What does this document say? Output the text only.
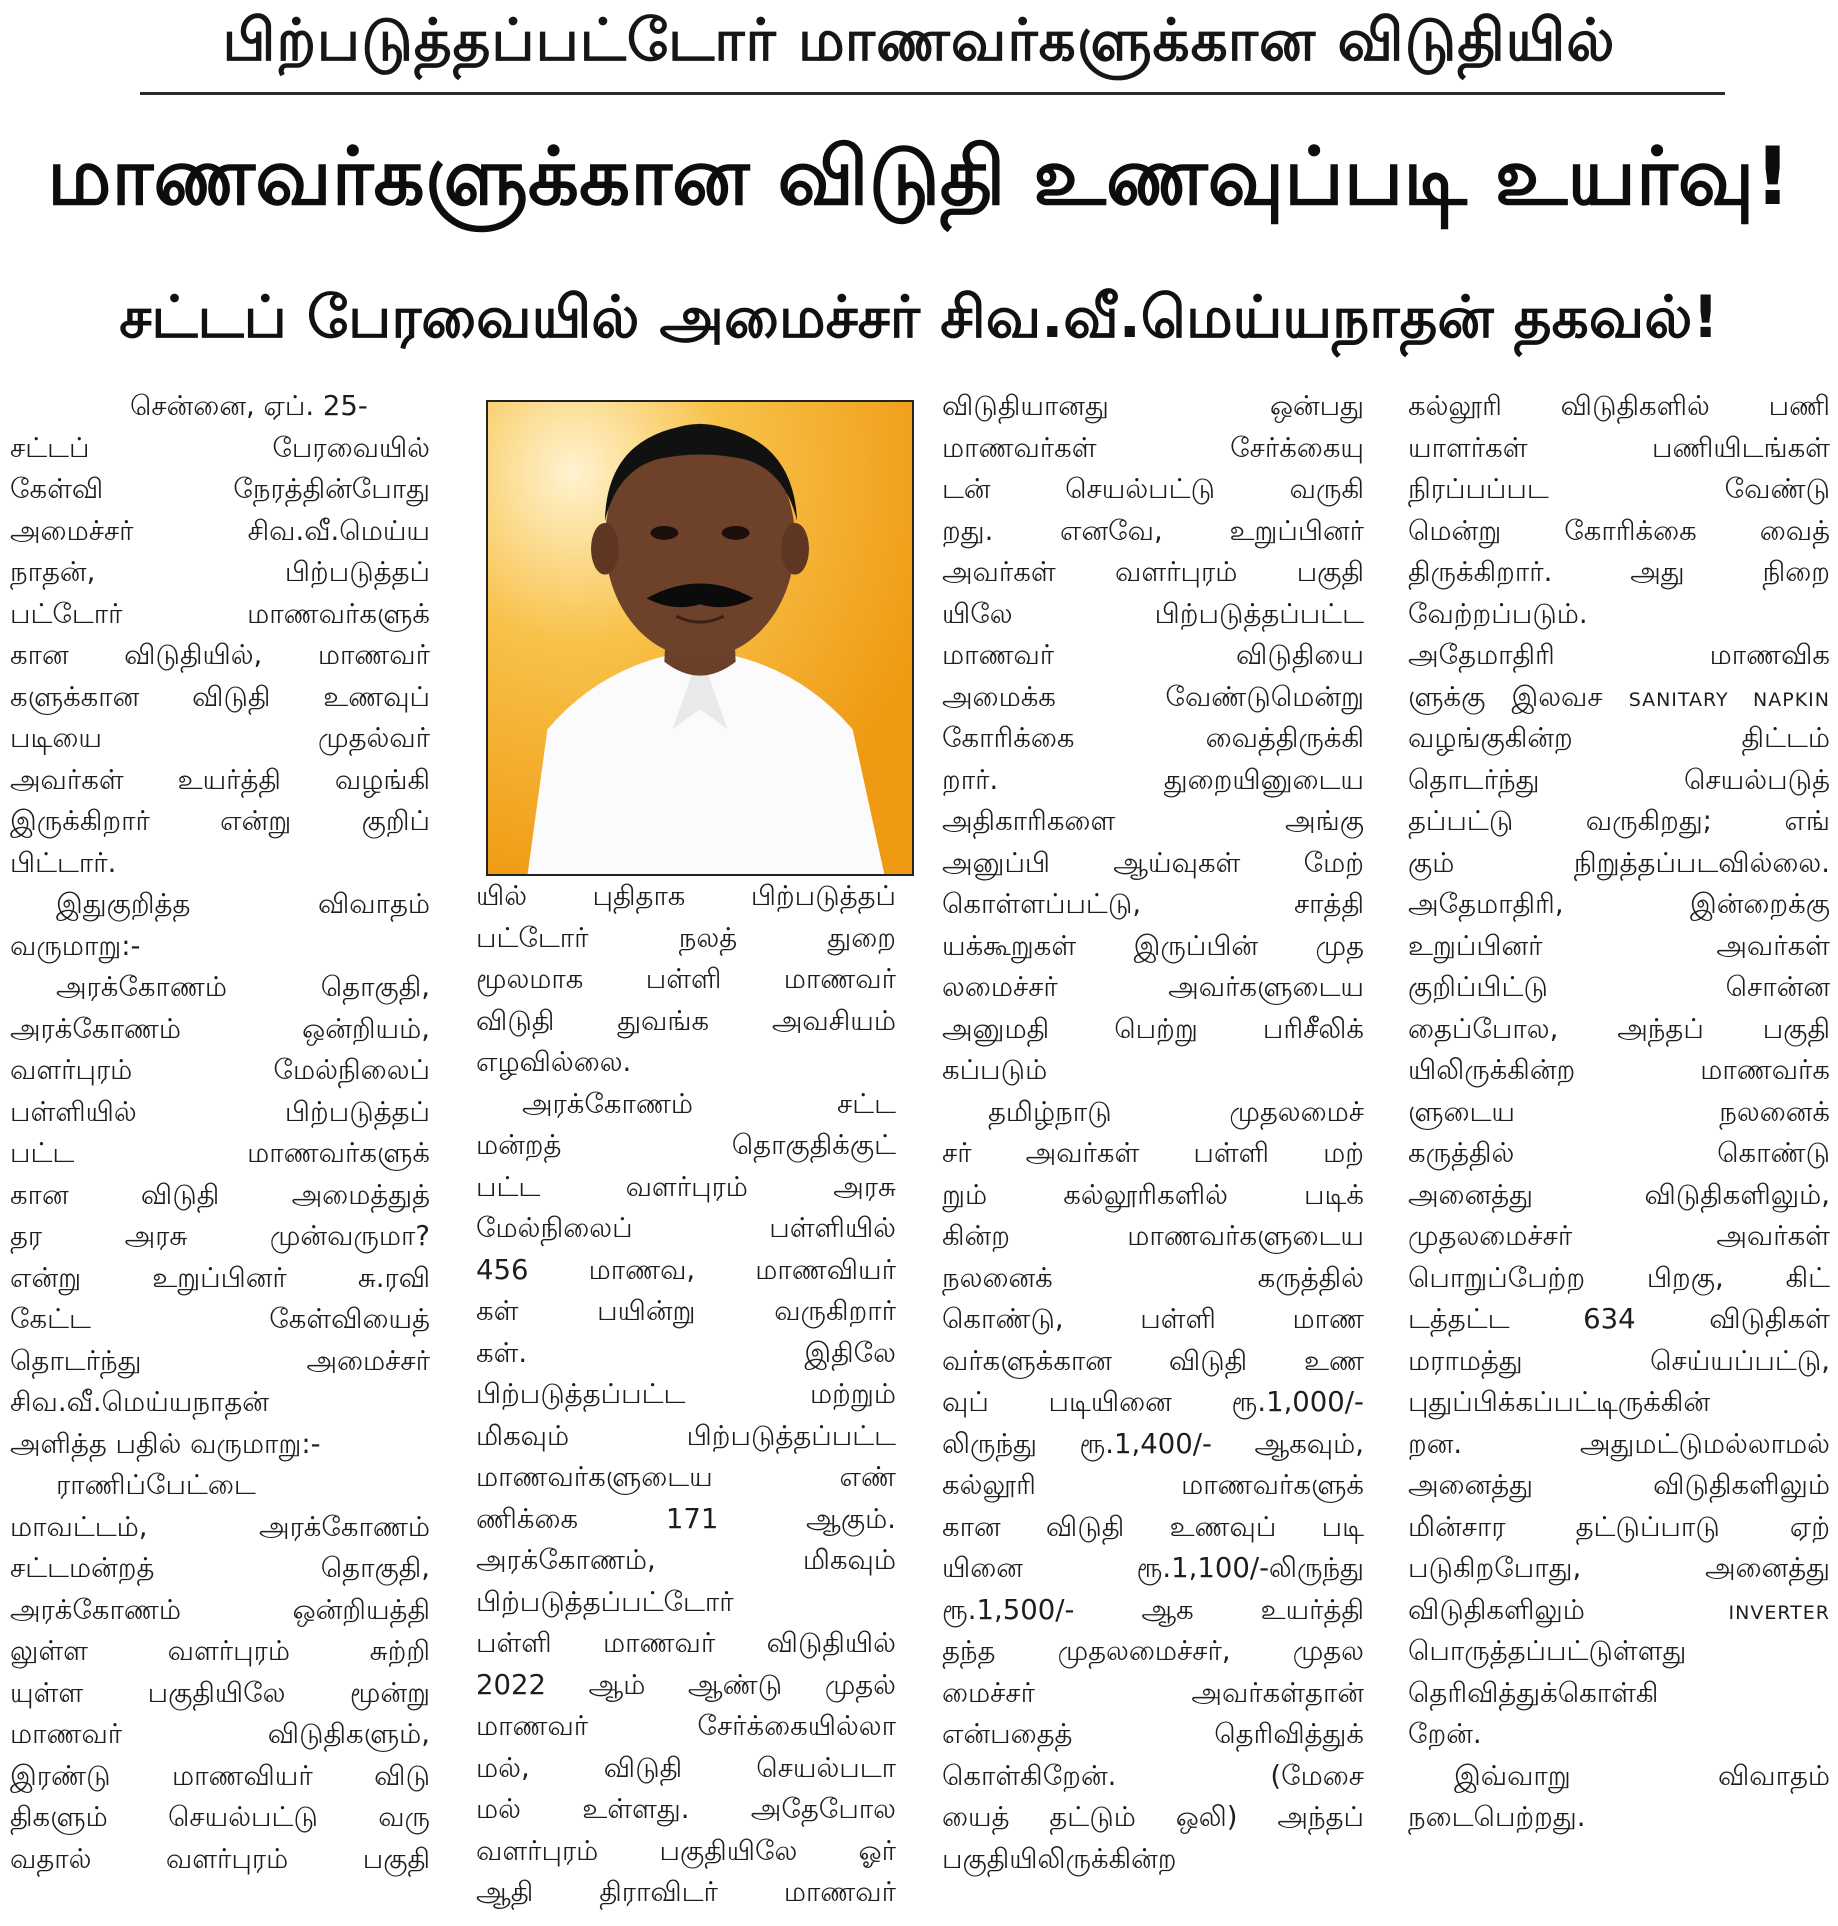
பிற்படுத்தப்பட்டோர் மாணவர்களுக்கான விடுதியில்
மாணவர்களுக்கான விடுதி உணவுப்படி உயர்வு!
சட்டப் பேரவையில் அமைச்சர் சிவ.வீ.மெய்யநாதன் தகவல்!
சென்னை, ஏப். 25-
சட்டப் பேரவையில்
கேள்வி நேரத்தின்போது
அமைச்சர் சிவ.வீ.மெய்ய
நாதன், பிற்படுத்தப்
பட்டோர் மாணவர்களுக்
கான விடுதியில், மாணவர்
களுக்கான விடுதி உணவுப்
படியை முதல்வர்
அவர்கள் உயர்த்தி வழங்கி
இருக்கிறார் என்று குறிப்
பிட்டார்.
இதுகுறித்த விவாதம்
வருமாறு:-
அரக்கோணம் தொகுதி,
அரக்கோணம் ஒன்றியம்,
வளர்புரம் மேல்நிலைப்
பள்ளியில் பிற்படுத்தப்
பட்ட மாணவர்களுக்
கான விடுதி அமைத்துத்
தர அரசு முன்வருமா?
என்று உறுப்பினர் சு.ரவி
கேட்ட கேள்வியைத்
தொடர்ந்து அமைச்சர்
சிவ.வீ.மெய்யநாதன்
அளித்த பதில் வருமாறு:-
ராணிப்பேட்டை
மாவட்டம், அரக்கோணம்
சட்டமன்றத் தொகுதி,
அரக்கோணம் ஒன்றியத்தி
லுள்ள வளர்புரம் சுற்றி
யுள்ள பகுதியிலே மூன்று
மாணவர் விடுதிகளும்,
இரண்டு மாணவியர் விடு
திகளும் செயல்பட்டு வரு
வதால் வளர்புரம் பகுதி
யில் புதிதாக பிற்படுத்தப்
பட்டோர் நலத் துறை
மூலமாக பள்ளி மாணவர்
விடுதி துவங்க அவசியம்
எழவில்லை.
அரக்கோணம் சட்ட
மன்றத் தொகுதிக்குட்
பட்ட வளர்புரம் அரசு
மேல்நிலைப் பள்ளியில்
456 மாணவ, மாணவியர்
கள் பயின்று வருகிறார்
கள். இதிலே
பிற்படுத்தப்பட்ட மற்றும்
மிகவும் பிற்படுத்தப்பட்ட
மாணவர்களுடைய எண்
ணிக்கை 171 ஆகும்.
அரக்கோணம், மிகவும்
பிற்படுத்தப்பட்டோர்
பள்ளி மாணவர் விடுதியில்
2022 ஆம் ஆண்டு முதல்
மாணவர் சேர்க்கையில்லா
மல், விடுதி செயல்படா
மல் உள்ளது. அதேபோல
வளர்புரம் பகுதியிலே ஓர்
ஆதி திராவிடர் மாணவர்
விடுதியானது ஒன்பது
மாணவர்கள் சேர்க்கையு
டன் செயல்பட்டு வருகி
றது. எனவே, உறுப்பினர்
அவர்கள் வளர்புரம் பகுதி
யிலே பிற்படுத்தப்பட்ட
மாணவர் விடுதியை
அமைக்க வேண்டுமென்று
கோரிக்கை வைத்திருக்கி
றார். துறையினுடைய
அதிகாரிகளை அங்கு
அனுப்பி ஆய்வுகள் மேற்
கொள்ளப்பட்டு, சாத்தி
யக்கூறுகள் இருப்பின் முத
லமைச்சர் அவர்களுடைய
அனுமதி பெற்று பரிசீலிக்
கப்படும்
தமிழ்நாடு முதலமைச்
சர் அவர்கள் பள்ளி மற்
றும் கல்லூரிகளில் படிக்
கின்ற மாணவர்களுடைய
நலனைக் கருத்தில்
கொண்டு, பள்ளி மாண
வர்களுக்கான விடுதி உண
வுப் படியினை ரூ.1,000/-
லிருந்து ரூ.1,400/- ஆகவும்,
கல்லூரி மாணவர்களுக்
கான விடுதி உணவுப் படி
யினை ரூ.1,100/-லிருந்து
ரூ.1,500/- ஆக உயர்த்தி
தந்த முதலமைச்சர், முதல
மைச்சர் அவர்கள்தான்
என்பதைத் தெரிவித்துக்
கொள்கிறேன். (மேசை
யைத் தட்டும் ஒலி) அந்தப்
பகுதியிலிருக்கின்ற
கல்லூரி விடுதிகளில் பணி
யாளர்கள் பணியிடங்கள்
நிரப்பப்பட வேண்டு
மென்று கோரிக்கை வைத்
திருக்கிறார். அது நிறை
வேற்றப்படும்.
அதேமாதிரி மாணவிக
ளுக்கு இலவச SANITARY NAPKIN
வழங்குகின்ற திட்டம்
தொடர்ந்து செயல்படுத்
தப்பட்டு வருகிறது; எங்
கும் நிறுத்தப்படவில்லை.
அதேமாதிரி, இன்றைக்கு
உறுப்பினர் அவர்கள்
குறிப்பிட்டு சொன்ன
தைப்போல, அந்தப் பகுதி
யிலிருக்கின்ற மாணவர்க
ளுடைய நலனைக்
கருத்தில் கொண்டு
அனைத்து விடுதிகளிலும்,
முதலமைச்சர் அவர்கள்
பொறுப்பேற்ற பிறகு, கிட்
டத்தட்ட 634 விடுதிகள்
மராமத்து செய்யப்பட்டு,
புதுப்பிக்கப்பட்டிருக்கின்
றன. அதுமட்டுமல்லாமல்
அனைத்து விடுதிகளிலும்
மின்சார தட்டுப்பாடு ஏற்
படுகிறபோது, அனைத்து
விடுதிகளிலும்	INVERTER
பொருத்தப்பட்டுள்ளது
தெரிவித்துக்கொள்கி
றேன்.
இவ்வாறு விவாதம்
நடைபெற்றது.
